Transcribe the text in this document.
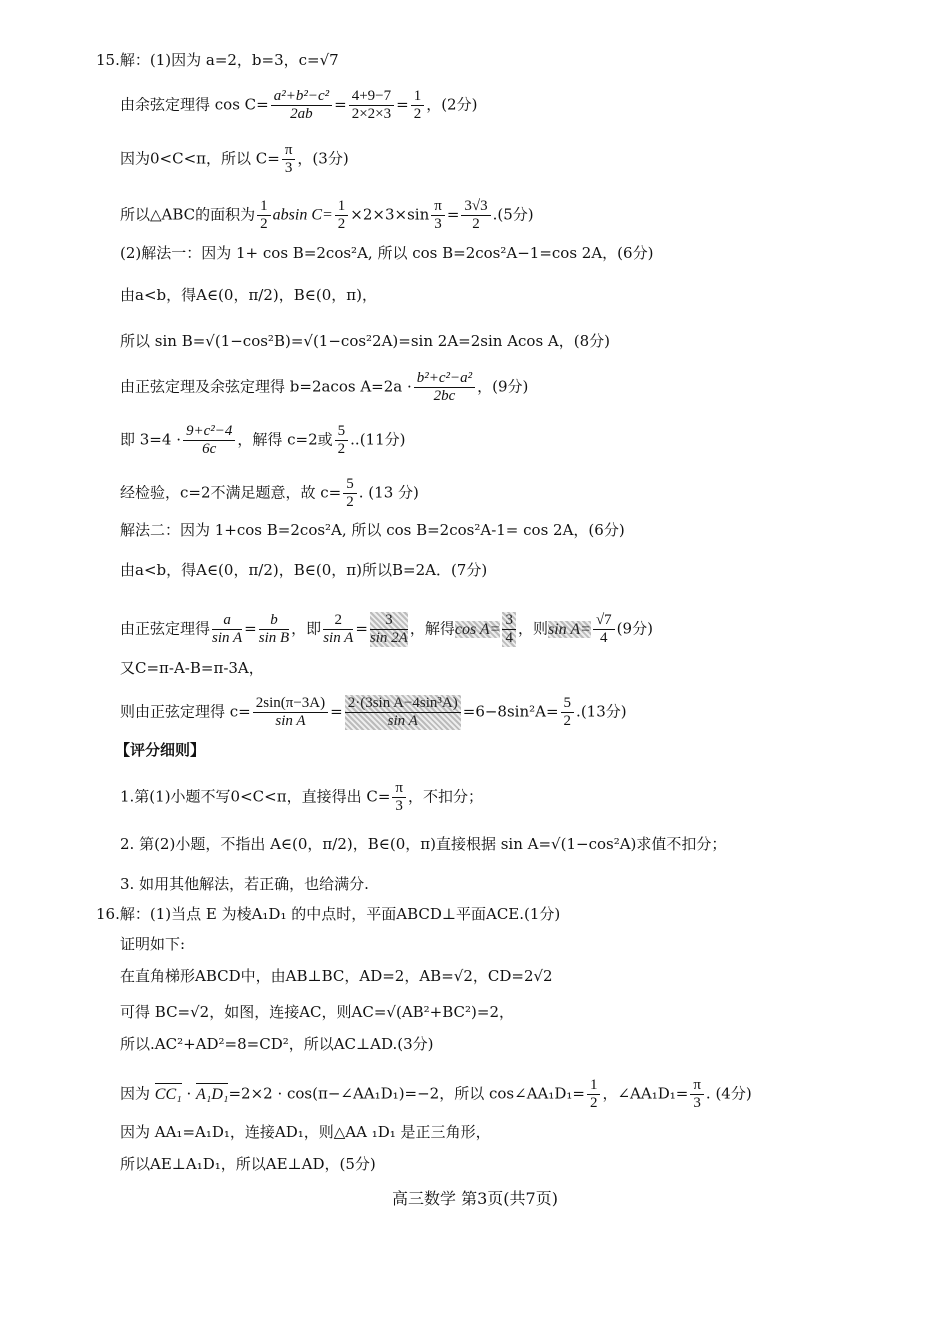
15.解：(1)因为 a=2，b=3，c=√7
由余弦定理得 $\cos C= \frac{\text{a²+b²−c²}}{2ab} = \frac{4+9-7}{2\times 2\times 3} = \frac{1}{2}$ ，(2分)
因为0<C<π，所以 $C= \frac{\pi}{3}$ ，(3分)
所以△ABC的面积为 $\frac{1}{2}$ absin $C= \frac{1}{2} \times 2\times 3\times\sin \frac{\pi}{3} = \frac{3√3}{2} .(5$分)
(2)解法一：因为 1+ cos B=2cos²A, 所以 cos B=2cos²A−1=cos 2A，(6分)
由a<b，得A∈(0，π/2)，B∈(0，π)，
所以 sin B=√(1−cos²B)=√(1−cos²2A)=sin 2A=2sin Acos A，(8分)
由正弦定理及余弦定理得 b=2acos $A=2a \cdot \frac{\text{b²+c²−a²}}{2bc}$ ，(9分)
即 $3=4 \cdot \frac{\text{9+c²−4}}{6c}$ ，解得 c=2或 $\frac{5}{2} ..(11$分)
经检验，c=2不满足题意，故 $c= \frac{5}{2}$ . (13 分)
解法二：因为 1+cos B=2cos²A, 所以 cos B=2cos²A-1= cos 2A，(6分)
由a<b，得A∈(0，π/2)，B∈(0，π)所以B=2A．(7分)
由正弦定理得 $\frac{a}{\text{sin A}} = \frac{b}{\text{sin B}}$ ，即 $\frac{2}{\text{sin A}} = \frac{3}{\sin 2A}$ ，解得$\cos A= \frac{3}{4}$ ，则$\sin A= \frac{√7}{4} (9$分)
又C=π-A-B=π-3A，
则由正弦定理得 $c= \frac{2\sin(\pi-3A)}{\text{sin A}} = \frac{\text{2·(3sin A−4sin³A)}}{\text{sin A}} =6-8\sin^2A= \frac{5}{2} .(13$分)
【评分细则】
1.第(1)小题不写0<C<π，直接得出 $C= \frac{\pi}{3}$ ，不扣分；
2. 第(2)小题，不指出 A∈(0，π/2)，B∈(0，π)直接根据 sin A=√(1−cos²A)求值不扣分；
3. 如用其他解法，若正确，也给满分.
16.解：(1)当点 E 为棱A₁D₁ 的中点时，平面ABCD⊥平面ACE.(1分)
证明如下:
在直角梯形ABCD中，由AB⊥BC，AD=2，AB=√2，CD=2√2
可得 BC=√2，如图，连接AC，则AC=√(AB²+BC²)=2，
所以.AC²+AD²=8=CD²，所以AC⊥AD.(3分)
因为 CC₁ · A₁D₁=2×2 · cos(π−∠AA₁D₁)=−2，所以 cos∠AA₁D₁= $\frac{1}{2}$ ，∠AA₁D₁= $\frac{\pi}{3}$ . (4分)
因为 AA₁=A₁D₁，连接AD₁，则△AA ₁D₁ 是正三角形，
所以AE⊥A₁D₁，所以AE⊥AD，(5分)
高三数学 第3页(共7页)
